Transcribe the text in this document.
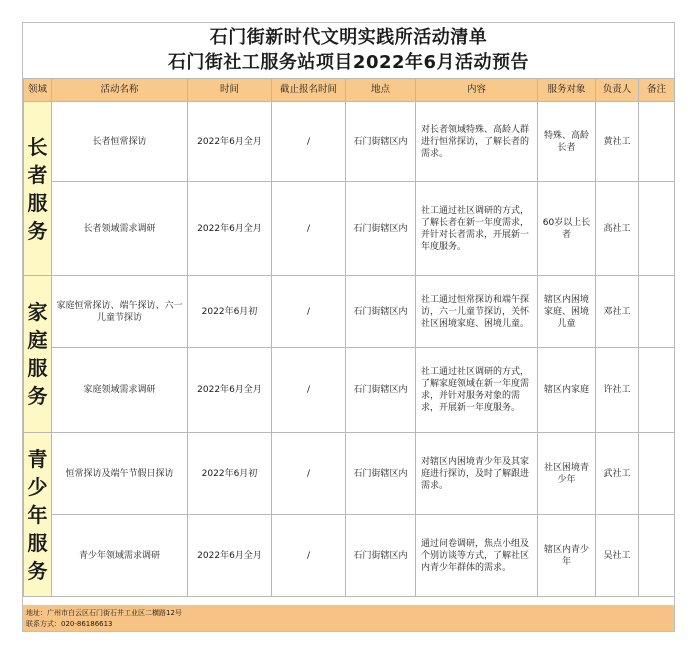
石门街新时代文明实践所活动清单
石门街社工服务站项目2022年6月活动预告
领域	活动名称	时间	截止报名时间	地点	内容	服务对象	负责人	备注

长者服务	长者恒常探访	2022年6月全月	/	石门街辖区内	对长者领域特殊、高龄人群进行恒常探访，了解长者的需求。	特殊、高龄长者	黄社工	
	长者领域需求调研	2022年6月全月	/	石门街辖区内	社工通过社区调研的方式，了解长者在新一年度需求，并针对长者需求，开展新一年度服务。	60岁以上长者	高社工	

家庭服务	家庭恒常探访、端午探访、六一儿童节探访	2022年6月初	/	石门街辖区内	社工通过恒常探访和端午探访，六一儿童节探访，关怀社区困境家庭、困境儿童。	辖区内困境家庭、困境儿童	邓社工	
	家庭领域需求调研	2022年6月全月	/	石门街辖区内	社工通过社区调研的方式，了解家庭领域在新一年度需求，并针对服务对象的需求，开展新一年度服务。	辖区内家庭	许社工	

青少年服务	恒常探访及端午节假日探访	2022年6月初	/	石门街辖区内	对辖区内困境青少年及其家庭进行探访，及时了解跟进需求。	社区困境青少年	武社工	
	青少年领域需求调研	2022年6月全月	/	石门街辖区内	通过问卷调研，焦点小组及个别访谈等方式，了解社区内青少年群体的需求。	辖区内青少年	吴社工	
地址：广州市白云区石门街石井工业区二横路12号
联系方式：020-86186613
